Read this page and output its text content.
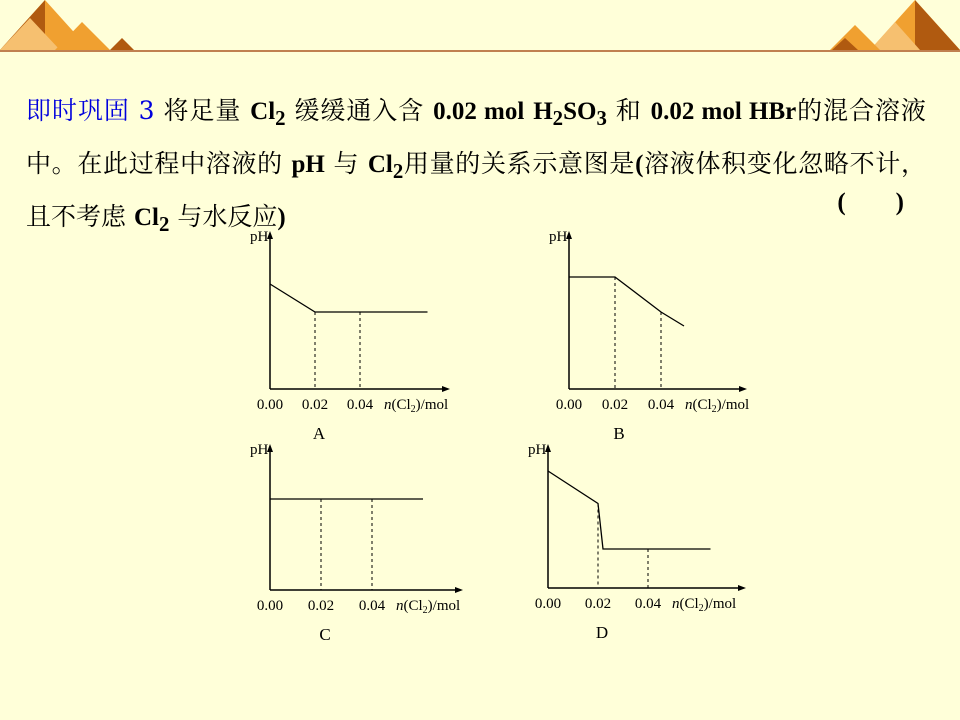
即时巩固 3 将足量 $Cl_2$ 缓缓通入含 0.02 mol $H_2SO_3$ 和 0.02 mol HBr的混合溶液中。在此过程中溶液的 pH 与 $Cl_2$用量的关系示意图是(溶液体积变化忽略不计，且不考虑 $Cl_2$ 与水反应)
(　　)
pH
0.00 0.02 0.04 $n(Cl_2)$/mol
A
pH
0.00 0.02 0.04 $n(Cl_2)$/mol
B
pH
0.00 0.02 0.04 $n(Cl_2)$/mol
C
pH
0.00 0.02 0.04 $n(Cl_2)$/mol
D
